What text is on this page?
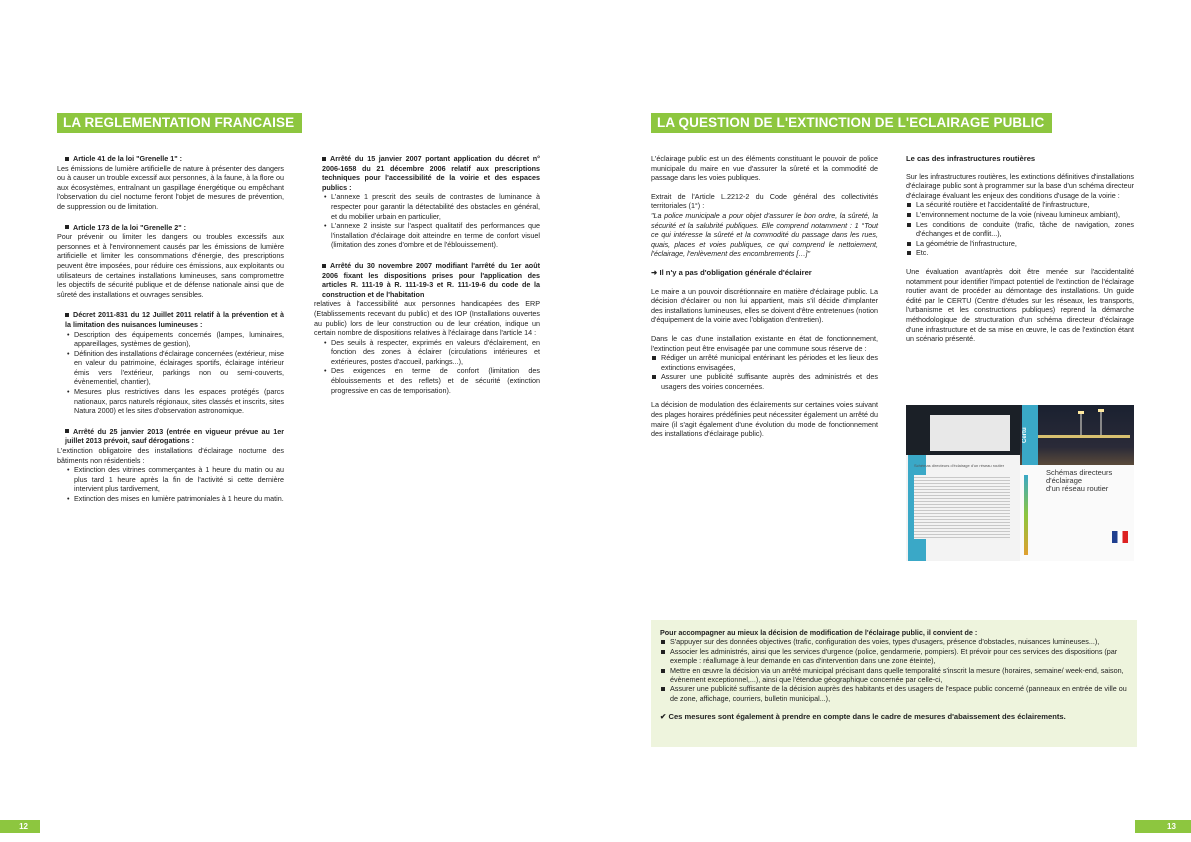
LA REGLEMENTATION FRANCAISE
Article 41 de la loi "Grenelle 1" :
Les émissions de lumière artificielle de nature à présenter des dangers ou à causer un trouble excessif aux personnes, à la faune, à la flore ou aux écosystèmes, entraînant un gaspillage énergétique ou empêchant l'observation du ciel nocturne feront l'objet de mesures de prévention, de suppression ou de limitation.
Article 173 de la loi "Grenelle 2" :
Pour prévenir ou limiter les dangers ou troubles excessifs aux personnes et à l'environnement causés par les émissions de lumière artificielle et limiter les consommations d'énergie, des prescriptions peuvent être imposées, pour réduire ces émissions, aux exploitants ou utilisateurs de certaines installations lumineuses, sans compromettre les objectifs de sécurité publique et de défense nationale ainsi que de sûreté des installations et ouvrages sensibles.
Décret 2011-831 du 12 Juillet 2011 relatif à la prévention et à la limitation des nuisances lumineuses :
• Description des équipements concernés (lampes, luminaires, appareillages, systèmes de gestion),
• Définition des installations d'éclairage concernées (extérieur, mise en valeur du patrimoine, éclairages sportifs, éclairage intérieur émis vers l'extérieur, parkings non ou semi-couverts, évènementiel, chantier),
• Mesures plus restrictives dans les espaces protégés (parcs nationaux, parcs naturels régionaux, sites classés et inscrits, sites Natura 2000) et les sites d'observation astronomique.
Arrêté du 25 janvier 2013 (entrée en vigueur prévue au 1er juillet 2013 prévoit, sauf dérogations :
L'extinction obligatoire des installations d'éclairage nocturne des bâtiments non résidentiels :
• Extinction des vitrines commerçantes à 1 heure du matin ou au plus tard 1 heure après la fin de l'activité si cette dernière intervient plus tardivement,
• Extinction des mises en lumière patrimoniales à 1 heure du matin.
Arrêté du 15 janvier 2007 portant application du décret n° 2006-1658 du 21 décembre 2006 relatif aux prescriptions techniques pour l'accessibilité de la voirie et des espaces publics :
• L'annexe 1 prescrit des seuils de contrastes de luminance à respecter pour garantir la détectabilité des obstacles en général, et du mobilier urbain en particulier,
• L'annexe 2 insiste sur l'aspect qualitatif des performances que l'installation d'éclairage doit atteindre en terme de confort visuel (limitation des zones d'ombre et de l'éblouissement).
Arrêté du 30 novembre 2007 modifiant l'arrêté du 1er août 2006 fixant les dispositions prises pour l'application des articles R. 111-19 à R. 111-19-3 et R. 111-19-6 du code de la construction et de l'habitation
relatives à l'accessibilité aux personnes handicapées des ERP (Etablissements recevant du public) et des IOP (Installations ouvertes au public) lors de leur construction ou de leur création, indique un certain nombre de dispositions relatives à l'éclairage dans l'article 14 :
• Des seuils à respecter, exprimés en valeurs d'éclairement, en fonction des zones à éclairer (circulations intérieures et extérieures, postes d'accueil, parkings...),
• Des exigences en terme de confort (limitation des éblouissements et des reflets) et de sécurité (extinction progressive en cas de temporisation).
12
LA QUESTION DE L'EXTINCTION DE L'ECLAIRAGE PUBLIC

L'éclairage public est un des éléments constituant le pouvoir de police municipale du maire en vue d'assurer la sûreté et la commodité de passage dans les voies publiques.

Extrait de l'Article L.2212-2 du Code général des collectivités territoriales (1°) :
"La police municipale a pour objet d'assurer le bon ordre, la sûreté, la sécurité et la salubrité publiques. Elle comprend notamment : 1 °Tout ce qui intéresse la sûreté et la commodité du passage dans les rues, quais, places et voies publiques, ce qui comprend le nettoiement, l'éclairage, l'enlèvement des encombrements […]"

➜ Il n'y a pas d'obligation générale d'éclairer

Le maire a un pouvoir discrétionnaire en matière d'éclairage public. La décision d'éclairer ou non lui appartient, mais s'il décide d'implanter des installations lumineuses, elles se doivent d'être entretenues (notion d'équipement de la voirie avec l'obligation d'entretien).

Dans le cas d'une installation existante en état de fonctionnement, l'extinction peut être envisagée par une commune sous réserve de :
Rédiger un arrêté municipal entérinant les périodes et les lieux des extinctions envisagées,
Assurer une publicité suffisante auprès des administrés et des usagers des voiries concernées.

La décision de modulation des éclairements sur certaines voies suivant des plages horaires prédéfinies peut nécessiter également un arrêté du maire (il s'agit également d'une évolution du mode de fonctionnement des installations d'éclairage public).

Le cas des infrastructures routières

Sur les infrastructures routières, les extinctions définitives d'installations d'éclairage public sont à programmer sur la base d'un schéma directeur d'éclairage évaluant les enjeux des conditions d'usage de la voirie :
La sécurité routière et l'accidentalité de l'infrastructure,
L'environnement nocturne de la voie (niveau lumineux ambiant),
Les conditions de conduite (trafic, tâche de navigation, zones d'échanges et de conflit...),
La géométrie de l'infrastructure,
Etc.

Une évaluation avant/après doit être menée sur l'accidentalité notamment pour identifier l'impact potentiel de l'extinction de l'éclairage routier avant de procéder au démontage des installations. Un guide édité par le CERTU (Centre d'études sur les réseaux, les transports, l'urbanisme et les constructions publiques) reprend la démarche méthodologique de structuration d'un schéma directeur d'éclairage d'une infrastructure et de sa mise en œuvre, le cas de l'extinction étant un scénario présenté.

Schémas directeurs d'éclairage d'un réseau routier
Certu
Schémas directeurs
d'éclairage
d'un réseau routier
Pour accompagner au mieux la décision de modification de l'éclairage public, il convient de :
S'appuyer sur des données objectives (trafic, configuration des voies, types d'usagers, présence d'obstacles, nuisances lumineuses...),
Associer les administrés, ainsi que les services d'urgence (police, gendarmerie, pompiers). Et prévoir pour ces services des dispositions (par exemple : réallumage à leur demande en cas d'intervention dans une zone éteinte),
Mettre en œuvre la décision via un arrêté municipal précisant dans quelle temporalité s'inscrit la mesure (horaires, semaine/ week-end, saison, évènement exceptionnel,...), ainsi que l'étendue géographique concernée par celle-ci,
Assurer une publicité suffisante de la décision auprès des habitants et des usagers de l'espace public concerné (panneaux en entrée de ville ou de zone, affichage, courriers, bulletin municipal...),
✔ Ces mesures sont également à prendre en compte dans le cadre de mesures d'abaissement des éclairements.
13
